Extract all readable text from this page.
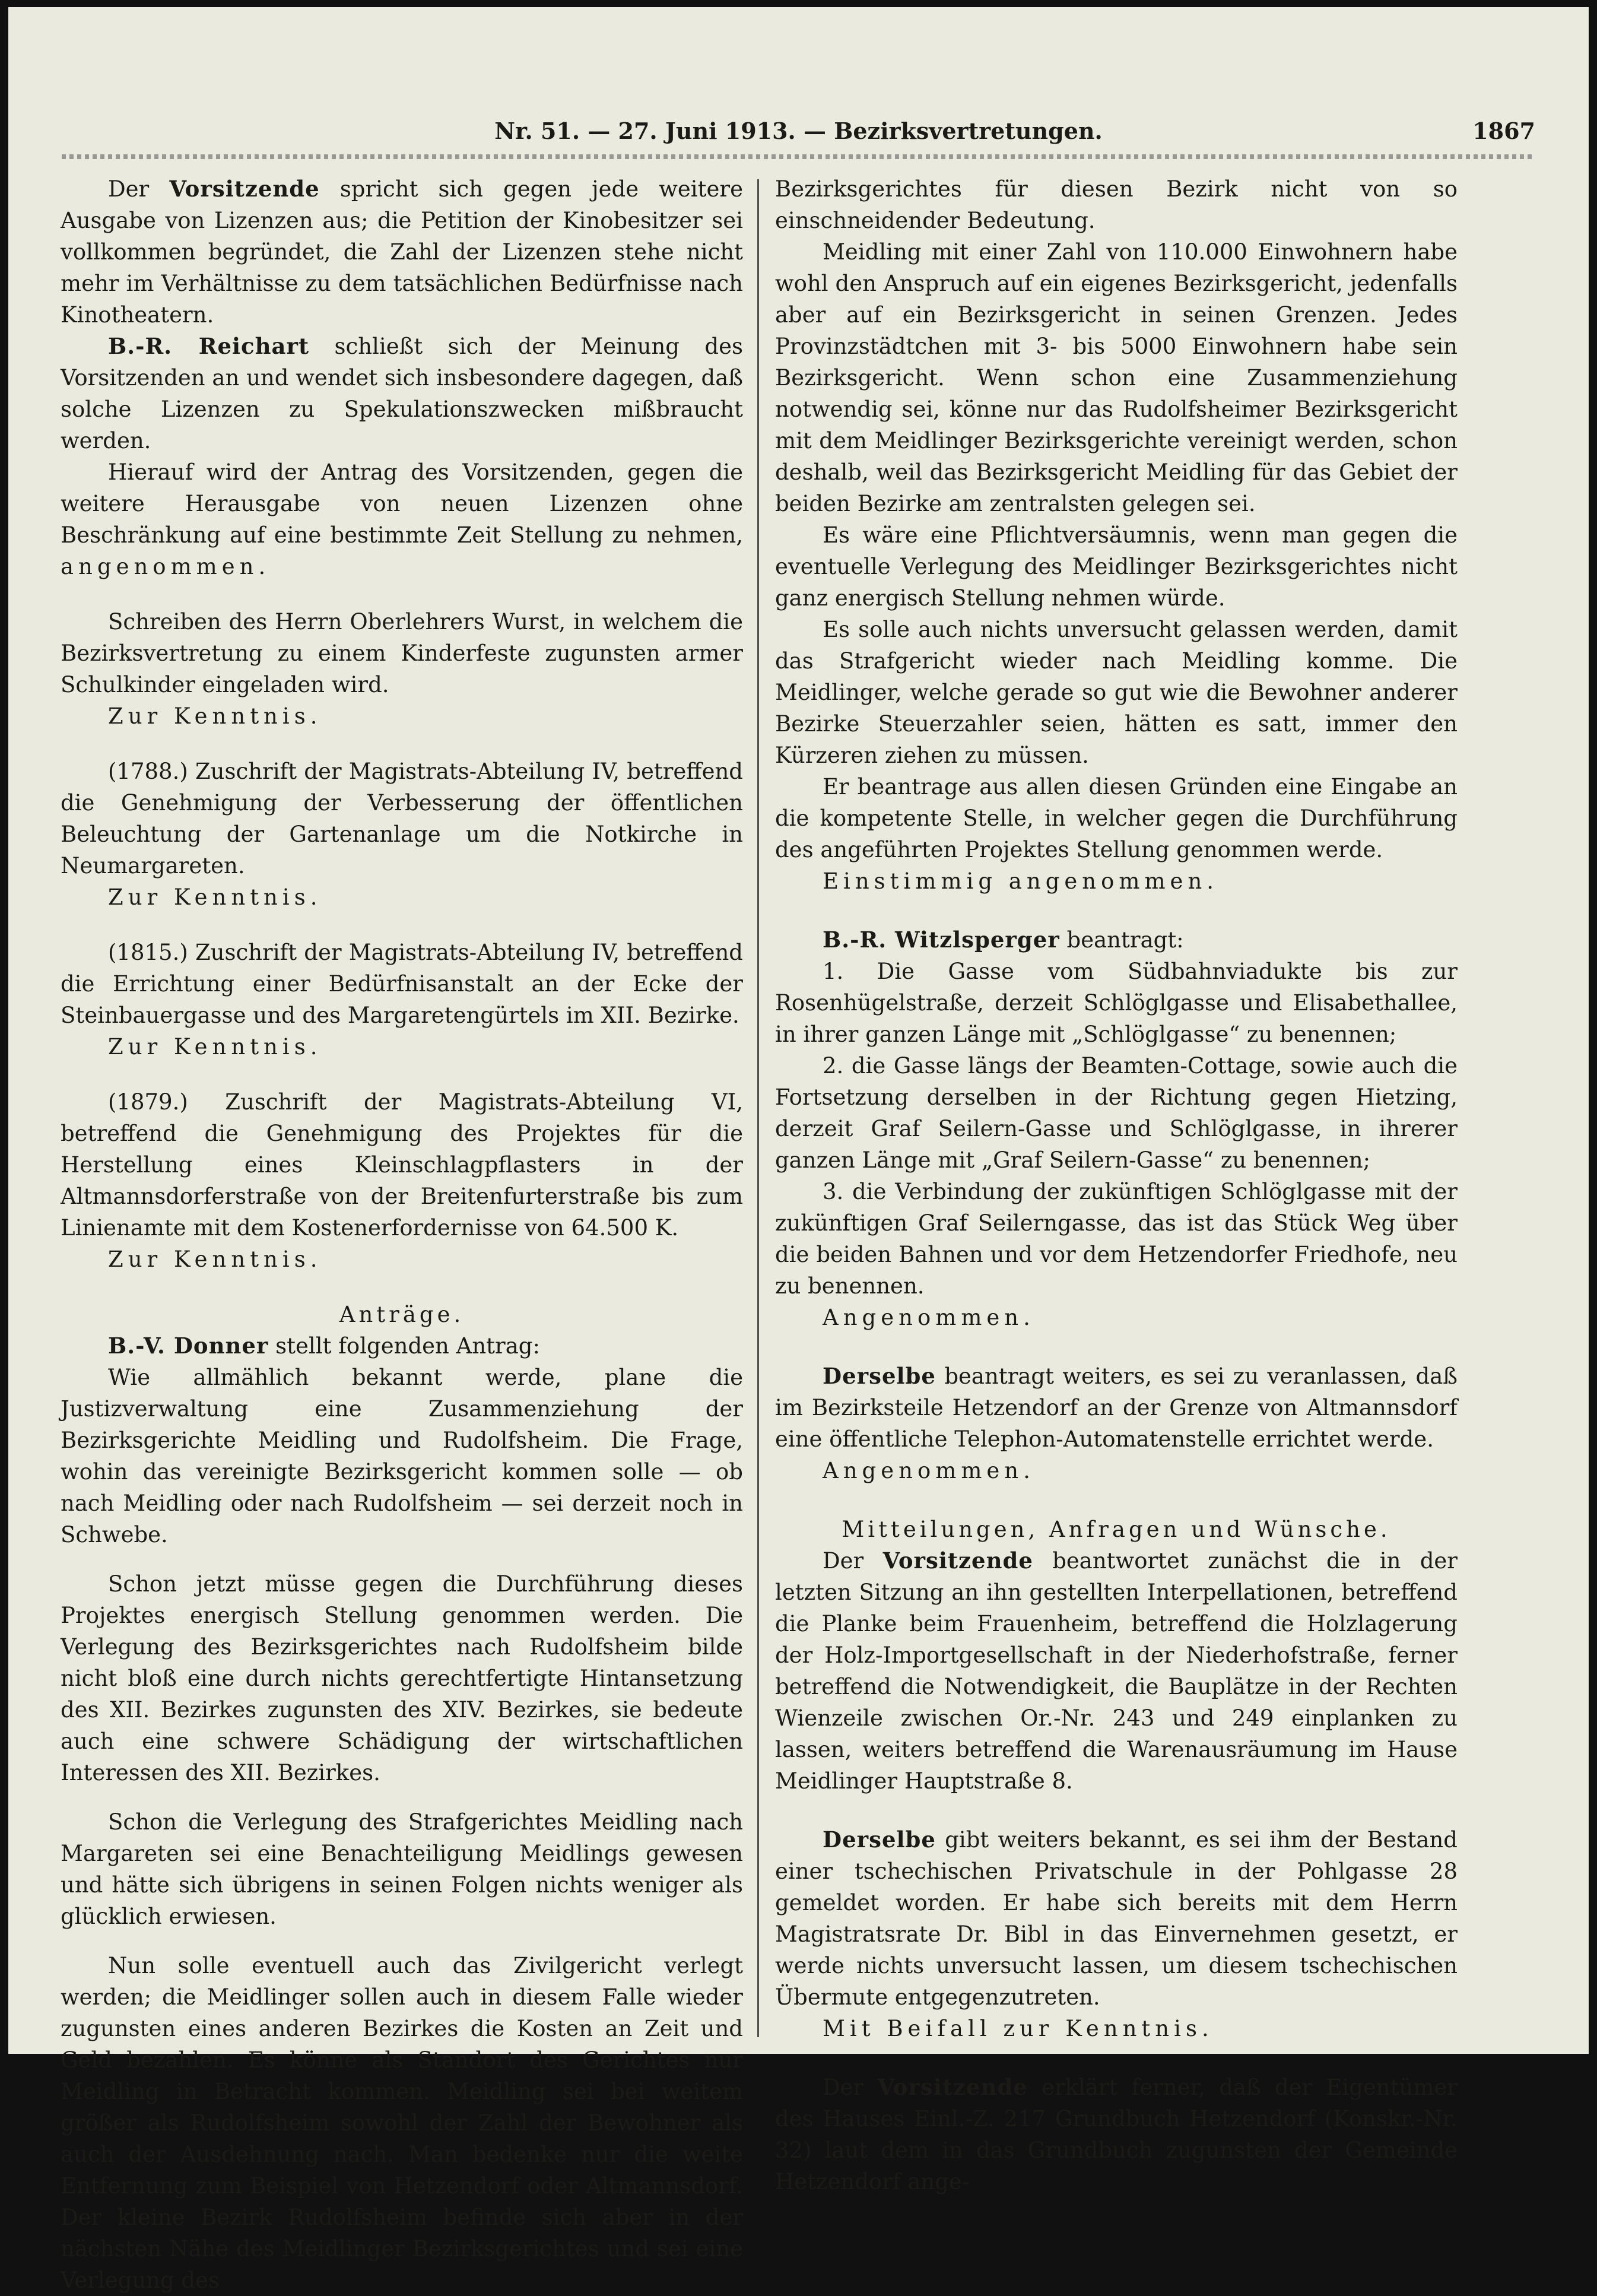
Nr. 51. — 27. Juni 1913. — Bezirksvertretungen.	1867

Der Vorsitzende spricht sich gegen jede weitere Ausgabe von Lizenzen aus; die Petition der Kinobesitzer sei vollkommen begründet, die Zahl der Lizenzen stehe nicht mehr im Verhältnisse zu dem tatsächlichen Bedürfnisse nach Kinotheatern.

B.-R. Reichart schließt sich der Meinung des Vorsitzenden an und wendet sich insbesondere dagegen, daß solche Lizenzen zu Spekulationszwecken mißbraucht werden.

Hierauf wird der Antrag des Vorsitzenden, gegen die weitere Herausgabe von neuen Lizenzen ohne Beschränkung auf eine bestimmte Zeit Stellung zu nehmen, angenommen.

Schreiben des Herrn Oberlehrers Wurst, in welchem die Bezirksvertretung zu einem Kinderfeste zugunsten armer Schulkinder eingeladen wird.

Zur Kenntnis.

(1788.) Zuschrift der Magistrats-Abteilung IV, betreffend die Genehmigung der Verbesserung der öffentlichen Beleuchtung der Gartenanlage um die Notkirche in Neumargareten.

Zur Kenntnis.

(1815.) Zuschrift der Magistrats-Abteilung IV, betreffend die Errichtung einer Bedürfnisanstalt an der Ecke der Steinbauergasse und des Margaretengürtels im XII. Bezirke.

Zur Kenntnis.

(1879.) Zuschrift der Magistrats-Abteilung VI, betreffend die Genehmigung des Projektes für die Herstellung eines Kleinschlagpflasters in der Altmannsdorferstraße von der Breitenfurterstraße bis zum Linienamte mit dem Kostenerfordernisse von 64.500 K.

Zur Kenntnis.

Anträge.

B.-V. Donner stellt folgenden Antrag:

Wie allmählich bekannt werde, plane die Justizverwaltung eine Zusammenziehung der Bezirksgerichte Meidling und Rudolfsheim. Die Frage, wohin das vereinigte Bezirksgericht kommen solle — ob nach Meidling oder nach Rudolfsheim — sei derzeit noch in Schwebe.

Schon jetzt müsse gegen die Durchführung dieses Projektes energisch Stellung genommen werden. Die Verlegung des Bezirksgerichtes nach Rudolfsheim bilde nicht bloß eine durch nichts gerechtfertigte Hintansetzung des XII. Bezirkes zugunsten des XIV. Bezirkes, sie bedeute auch eine schwere Schädigung der wirtschaftlichen Interessen des XII. Bezirkes.

Schon die Verlegung des Strafgerichtes Meidling nach Margareten sei eine Benachteiligung Meidlings gewesen und hätte sich übrigens in seinen Folgen nichts weniger als glücklich erwiesen.

Nun solle eventuell auch das Zivilgericht verlegt werden; die Meidlinger sollen auch in diesem Falle wieder zugunsten eines anderen Bezirkes die Kosten an Zeit und Geld bezahlen. Es könne als Standort des Gerichtes nur Meidling in Betracht kommen. Meidling sei bei weitem größer als Rudolfsheim sowohl der Zahl der Bewohner als auch der Ausdehnung nach. Man bedenke nur die weite Entfernung zum Beispiel von Hetzendorf oder Altmannsdorf. Der kleine Bezirk Rudolfsheim befinde sich aber in der nächsten Nähe des Meidlinger Bezirksgerichtes und sei eine Verlegung des

Bezirksgerichtes für diesen Bezirk nicht von so einschneidender Bedeutung.

Meidling mit einer Zahl von 110.000 Einwohnern habe wohl den Anspruch auf ein eigenes Bezirksgericht, jedenfalls aber auf ein Bezirksgericht in seinen Grenzen. Jedes Provinzstädtchen mit 3- bis 5000 Einwohnern habe sein Bezirksgericht. Wenn schon eine Zusammenziehung notwendig sei, könne nur das Rudolfsheimer Bezirksgericht mit dem Meidlinger Bezirksgerichte vereinigt werden, schon deshalb, weil das Bezirksgericht Meidling für das Gebiet der beiden Bezirke am zentralsten gelegen sei.

Es wäre eine Pflichtversäumnis, wenn man gegen die eventuelle Verlegung des Meidlinger Bezirksgerichtes nicht ganz energisch Stellung nehmen würde.

Es solle auch nichts unversucht gelassen werden, damit das Strafgericht wieder nach Meidling komme. Die Meidlinger, welche gerade so gut wie die Bewohner anderer Bezirke Steuerzahler seien, hätten es satt, immer den Kürzeren ziehen zu müssen.

Er beantrage aus allen diesen Gründen eine Eingabe an die kompetente Stelle, in welcher gegen die Durchführung des angeführten Projektes Stellung genommen werde.

Einstimmig angenommen.

B.-R. Witzlsperger beantragt:

1. Die Gasse vom Südbahnviadukte bis zur Rosenhügelstraße, derzeit Schlöglgasse und Elisabethallee, in ihrer ganzen Länge mit „Schlöglgasse“ zu benennen;

2. die Gasse längs der Beamten-Cottage, sowie auch die Fortsetzung derselben in der Richtung gegen Hietzing, derzeit Graf Seilern-Gasse und Schlöglgasse, in ihrerer ganzen Länge mit „Graf Seilern-Gasse“ zu benennen;

3. die Verbindung der zukünftigen Schlöglgasse mit der zukünftigen Graf Seilerngasse, das ist das Stück Weg über die beiden Bahnen und vor dem Hetzendorfer Friedhofe, neu zu benennen.

Angenommen.

Derselbe beantragt weiters, es sei zu veranlassen, daß im Bezirksteile Hetzendorf an der Grenze von Altmannsdorf eine öffentliche Telephon-Automatenstelle errichtet werde.

Angenommen.

Mitteilungen, Anfragen und Wünsche.

Der Vorsitzende beantwortet zunächst die in der letzten Sitzung an ihn gestellten Interpellationen, betreffend die Planke beim Frauenheim, betreffend die Holzlagerung der Holz-Importgesellschaft in der Niederhofstraße, ferner betreffend die Notwendigkeit, die Bauplätze in der Rechten Wienzeile zwischen Or.-Nr. 243 und 249 einplanken zu lassen, weiters betreffend die Warenausräumung im Hause Meidlinger Hauptstraße 8.

Derselbe gibt weiters bekannt, es sei ihm der Bestand einer tschechischen Privatschule in der Pohlgasse 28 gemeldet worden. Er habe sich bereits mit dem Herrn Magistratsrate Dr. Bibl in das Einvernehmen gesetzt, er werde nichts unversucht lassen, um diesem tschechischen Übermute entgegenzutreten.

Mit Beifall zur Kenntnis.

Der Vorsitzende erklärt ferner, daß der Eigentümer des Hauses Einl.-Z. 217 Grundbuch Hetzendorf (Konskr.-Nr. 32) laut dem in das Grundbuch zugunsten der Gemeinde Hetzendorf ange-
